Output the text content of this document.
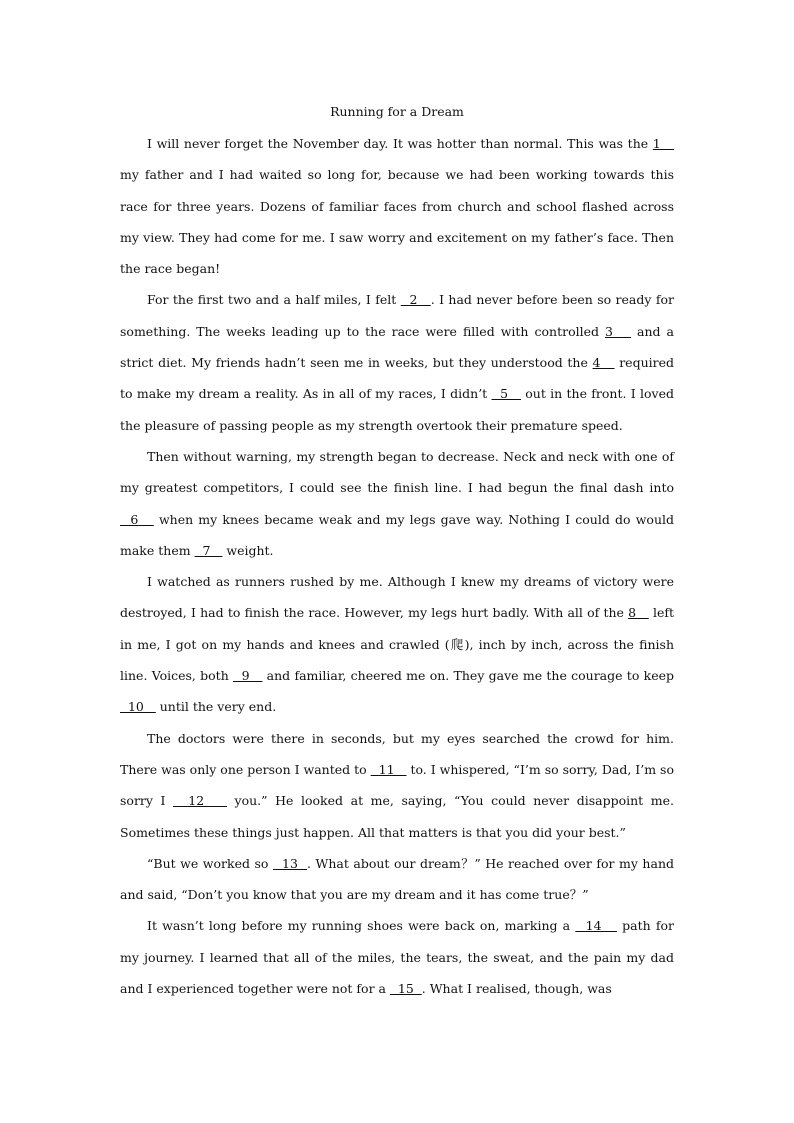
Running for a Dream

I will never forget the November day. It was hotter than normal. This was the 1    my father and I had waited so long for, because we had been working towards this race for three years. Dozens of familiar faces from church and school flashed across my view. They had come for me. I saw worry and excitement on my father’s face. Then the race began!

For the first two and a half miles, I felt   2   . I had never before been so ready for something. The weeks leading up to the race were filled with controlled 3    and a strict diet. My friends hadn’t seen me in weeks, but they understood the 4    required to make my dream a reality. As in all of my races, I didn’t   5    out in the front. I loved the pleasure of passing people as my strength overtook their premature speed.

Then without warning, my strength began to decrease. Neck and neck with one of my greatest competitors, I could see the finish line. I had begun the final dash into   6    when my knees became weak and my legs gave way. Nothing I could do would make them   7    weight.

I watched as runners rushed by me. Although I knew my dreams of victory were destroyed, I had to finish the race. However, my legs hurt badly. With all of the 8    left in me, I got on my hands and knees and crawled (爬), inch by inch, across the finish line. Voices, both   9    and familiar, cheered me on. They gave me the courage to keep   10    until the very end.

The doctors were there in seconds, but my eyes searched the crowd for him. There was only one person I wanted to   11    to. I whispered, “I’m so sorry, Dad, I’m so sorry I   12    you.” He looked at me, saying, “You could never disappoint me. Sometimes these things just happen. All that matters is that you did your best.”

“But we worked so   13  . What about our dream？” He reached over for my hand and said, “Don’t you know that you are my dream and it has come true？”

It wasn’t long before my running shoes were back on, marking a   14    path for my journey. I learned that all of the miles, the tears, the sweat, and the pain my dad and I experienced together were not for a   15  . What I realised, though, was
